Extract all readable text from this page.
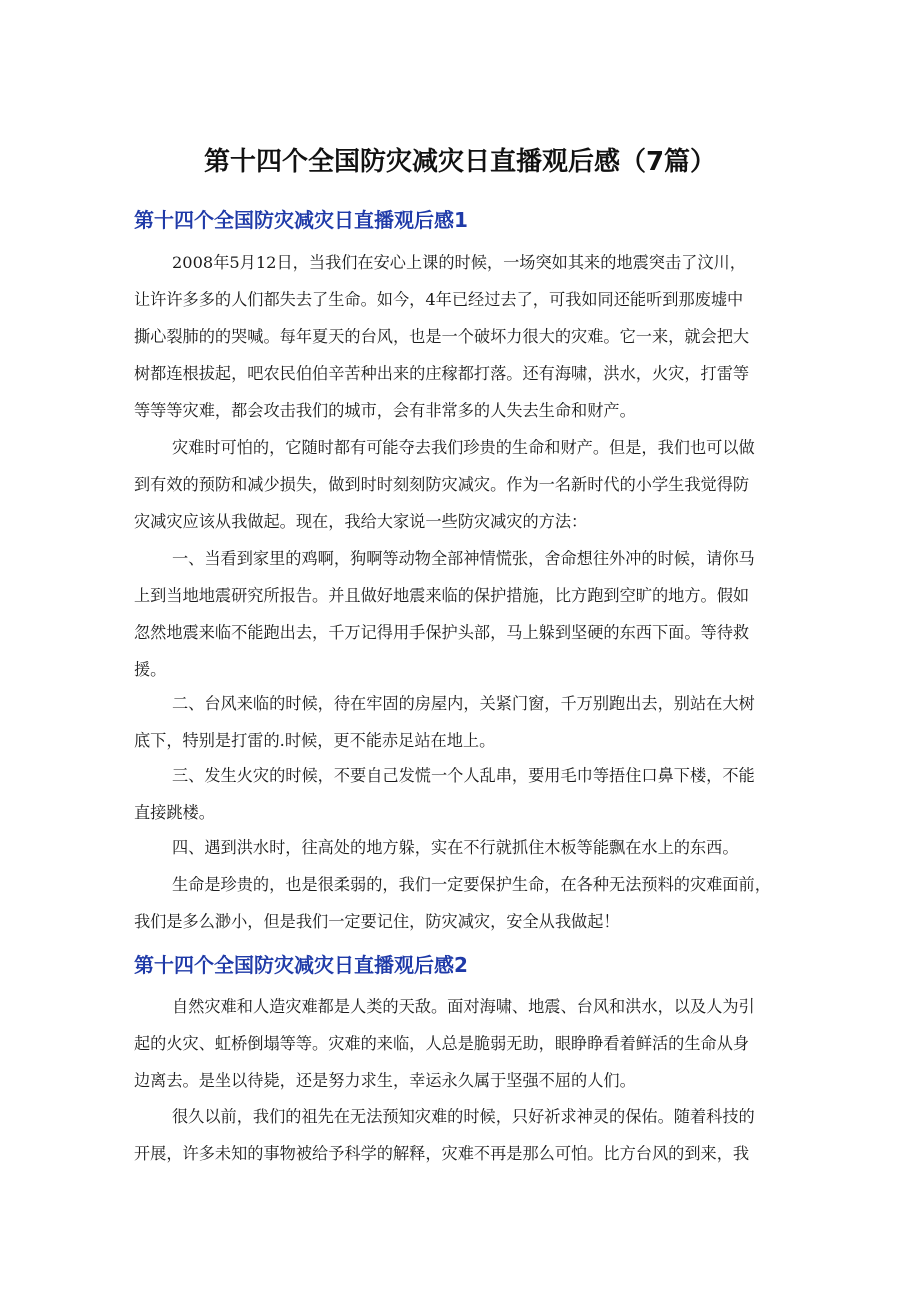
第十四个全国防灾减灾日直播观后感（7篇）
第十四个全国防灾减灾日直播观后感1
2008年5月12日，当我们在安心上课的时候，一场突如其来的地震突击了汶川，
让许许多多的人们都失去了生命。如今，4年已经过去了，可我如同还能听到那废墟中
撕心裂肺的的哭喊。每年夏天的台风，也是一个破坏力很大的灾难。它一来，就会把大
树都连根拔起，吧农民伯伯辛苦种出来的庄稼都打落。还有海啸，洪水，火灾，打雷等
等等等灾难，都会攻击我们的城市，会有非常多的人失去生命和财产。
灾难时可怕的，它随时都有可能夺去我们珍贵的生命和财产。但是，我们也可以做
到有效的预防和减少损失，做到时时刻刻防灾减灾。作为一名新时代的小学生我觉得防
灾减灾应该从我做起。现在，我给大家说一些防灾减灾的方法：
一、当看到家里的鸡啊，狗啊等动物全部神情慌张，舍命想往外冲的时候，请你马
上到当地地震研究所报告。并且做好地震来临的保护措施，比方跑到空旷的地方。假如
忽然地震来临不能跑出去，千万记得用手保护头部，马上躲到坚硬的东西下面。等待救
援。
二、台风来临的时候，待在牢固的房屋内，关紧门窗，千万别跑出去，别站在大树
底下，特别是打雷的.时候，更不能赤足站在地上。
三、发生火灾的时候，不要自己发慌一个人乱串，要用毛巾等捂住口鼻下楼，不能
直接跳楼。
四、遇到洪水时，往高处的地方躲，实在不行就抓住木板等能飘在水上的东西。
生命是珍贵的，也是很柔弱的，我们一定要保护生命，在各种无法预料的灾难面前，
我们是多么渺小，但是我们一定要记住，防灾减灾，安全从我做起！
第十四个全国防灾减灾日直播观后感2
自然灾难和人造灾难都是人类的天敌。面对海啸、地震、台风和洪水，以及人为引
起的火灾、虹桥倒塌等等。灾难的来临，人总是脆弱无助，眼睁睁看着鲜活的生命从身
边离去。是坐以待毙，还是努力求生，幸运永久属于坚强不屈的人们。
很久以前，我们的祖先在无法预知灾难的时候，只好祈求神灵的保佑。随着科技的
开展，许多未知的事物被给予科学的解释，灾难不再是那么可怕。比方台风的到来，我
